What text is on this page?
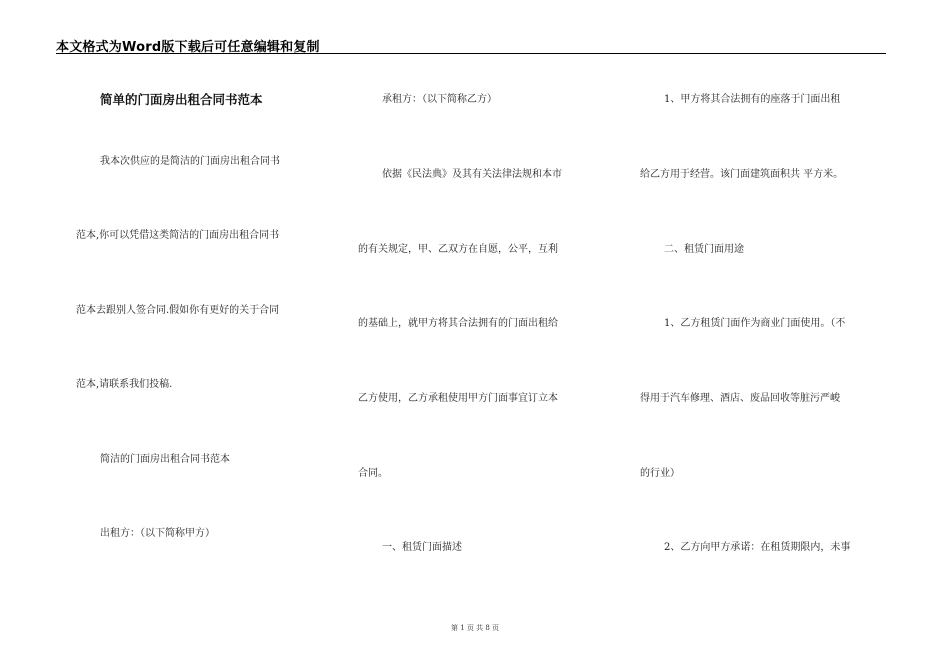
本文格式为Word版下载后可任意编辑和复制
简单的门面房出租合同书范本
我本次供应的是简洁的门面房出租合同书
范本,你可以凭借这类简洁的门面房出租合同书
范本去跟别人签合同.假如你有更好的关于合同
范本,请联系我们投稿.
简洁的门面房出租合同书范本
出租方：（以下简称甲方）
承租方：（以下简称乙方）
依据《民法典》及其有关法律法规和本市
的有关规定，甲、乙双方在自愿，公平，互利
的基础上，就甲方将其合法拥有的门面出租给
乙方使用，乙方承租使用甲方门面事宜订立本
合同。
一、租赁门面描述
1、甲方将其合法拥有的座落于门面出租
给乙方用于经营。该门面建筑面积共 平方米。
二、租赁门面用途
1、乙方租赁门面作为商业门面使用。（不
得用于汽车修理、酒店、废品回收等脏污严峻
的行业）
2、乙方向甲方承诺：在租赁期限内，未事
第 1 页 共 8 页
